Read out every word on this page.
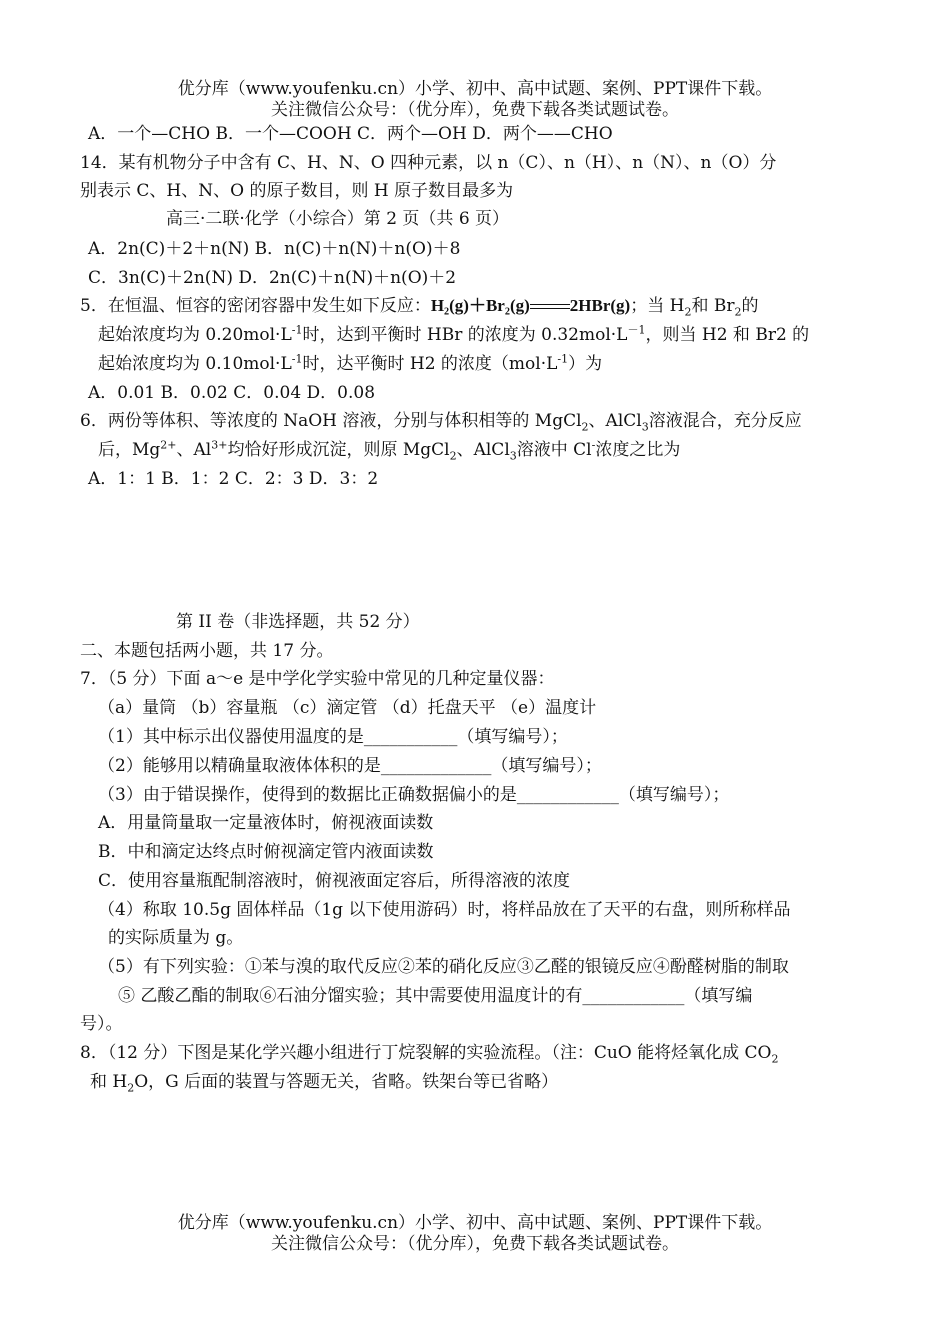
优分库（www.youfenku.cn）小学、初中、高中试题、案例、PPT课件下载。
关注微信公众号：（优分库），免费下载各类试题试卷。
A．一个—CHO B．一个—COOH C．两个—OH D．两个——CHO
14．某有机物分子中含有 C、H、N、O 四种元素，以 n（C）、n（H）、n（N）、n（O）分
别表示 C、H、N、O 的原子数目，则 H 原子数目最多为
高三·二联·化学（小综合）第 2 页（共 6 页）
A．2n(C)＋2＋n(N) B．n(C)＋n(N)＋n(O)＋8
C．3n(C)＋2n(N) D．2n(C)＋n(N)＋n(O)＋2
5．在恒温、恒容的密闭容器中发生如下反应：H₂(g)＋Br₂(g) 2HBr(g)；当 $H_2$和 $Br_2$的
起始浓度均为 $0.20mol\cdot L^{-1}$时，达到平衡时 HBr 的浓度为 $0.32mol\cdot L^{-1}$，则当 H2 和 Br2 的
起始浓度均为 $0.10mol\cdot L^{-1}$时，达平衡时 H2 的浓度$(mol\cdot L^{-1})$为
A．0.01 B．0.02 C．0.04 D．0.08
6．两份等体积、等浓度的 NaOH 溶液，分别与体积相等的 MgCl$_2$、AlCl$_3$溶液混合，充分反应
后，$Mg^{2+}$、$Al^{3+}$均恰好形成沉淀，则原 MgCl$_2$、AlCl$_3$溶液中 Cl-浓度之比为
A．1：1 B．1：2 C．2：3 D．3：2
第 II 卷（非选择题，共 52 分）
二、本题包括两小题，共 17 分。
7．（5 分）下面 a～e 是中学化学实验中常见的几种定量仪器：
（a）量筒 （b）容量瓶 （c）滴定管 （d）托盘天平 （e）温度计
（1）其中标示出仪器使用温度的是___________（填写编号）；
（2）能够用以精确量取液体体积的是_____________（填写编号）；
（3）由于错误操作，使得到的数据比正确数据偏小的是____________（填写编号）；
A．用量筒量取一定量液体时，俯视液面读数
B．中和滴定达终点时俯视滴定管内液面读数
C．使用容量瓶配制溶液时，俯视液面定容后，所得溶液的浓度
（4）称取 10.5g 固体样品（1g 以下使用游码）时，将样品放在了天平的右盘，则所称样品
的实际质量为 g。
（5）有下列实验：①苯与溴的取代反应②苯的硝化反应③乙醛的银镜反应④酚醛树脂的制取
⑤ 乙酸乙酯的制取⑥石油分馏实验；其中需要使用温度计的有____________（填写编
号）。
8．（12 分）下图是某化学兴趣小组进行丁烷裂解的实验流程。（注：CuO 能将烃氧化成 $CO_2$
和 $H_2O$，G 后面的装置与答题无关，省略。铁架台等已省略）
优分库（www.youfenku.cn）小学、初中、高中试题、案例、PPT课件下载。
关注微信公众号：（优分库），免费下载各类试题试卷。
